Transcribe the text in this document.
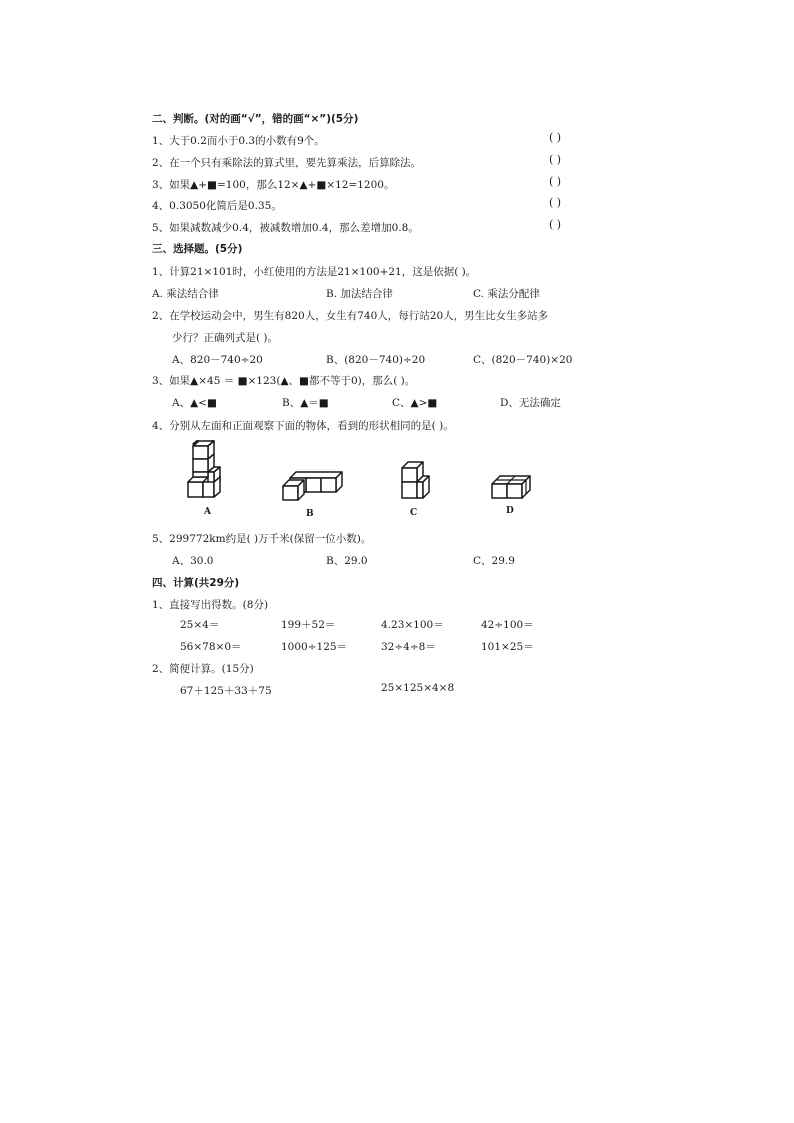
二、判断。(对的画“√”，错的画“×”)(5分)
1、大于0.2而小于0.3的小数有9个。	( )
2、在一个只有乘除法的算式里，要先算乘法，后算除法。	( )
3、如果▲+■=100，那么12×▲+■×12=1200。	( )
4、0.3050化简后是0.35。	( )
5、如果减数减少0.4，被减数增加0.4，那么差增加0.8。	( )
三、选择题。(5分)
1、计算21×101时，小红使用的方法是21×100+21，这是依据( )。
A. 乘法结合律	B. 加法结合律	C. 乘法分配律
2、在学校运动会中，男生有820人，女生有740人，每行站20人，男生比女生多站多
少行？正确列式是( )。
A、820－740÷20	B、(820－740)÷20	C、(820－740)×20
3、如果▲×45 ＝ ■×123(▲、■都不等于0)，那么( )。
A、▲<■	B、▲＝■	C、▲>■	D、无法确定
4、分别从左面和正面观察下面的物体，看到的形状相同的是( )。
A	B	C	D
5、299772km约是( )万千米(保留一位小数)。
A、30.0	B、29.0	C、29.9
四、计算(共29分)
1、直接写出得数。(8分)
25×4＝	199＋52＝	4.23×100＝	42÷100＝
56×78×0＝	1000÷125＝	32÷4÷8＝	101×25＝
2、简便计算。(15分)
67＋125＋33＋75	25×125×4×8
